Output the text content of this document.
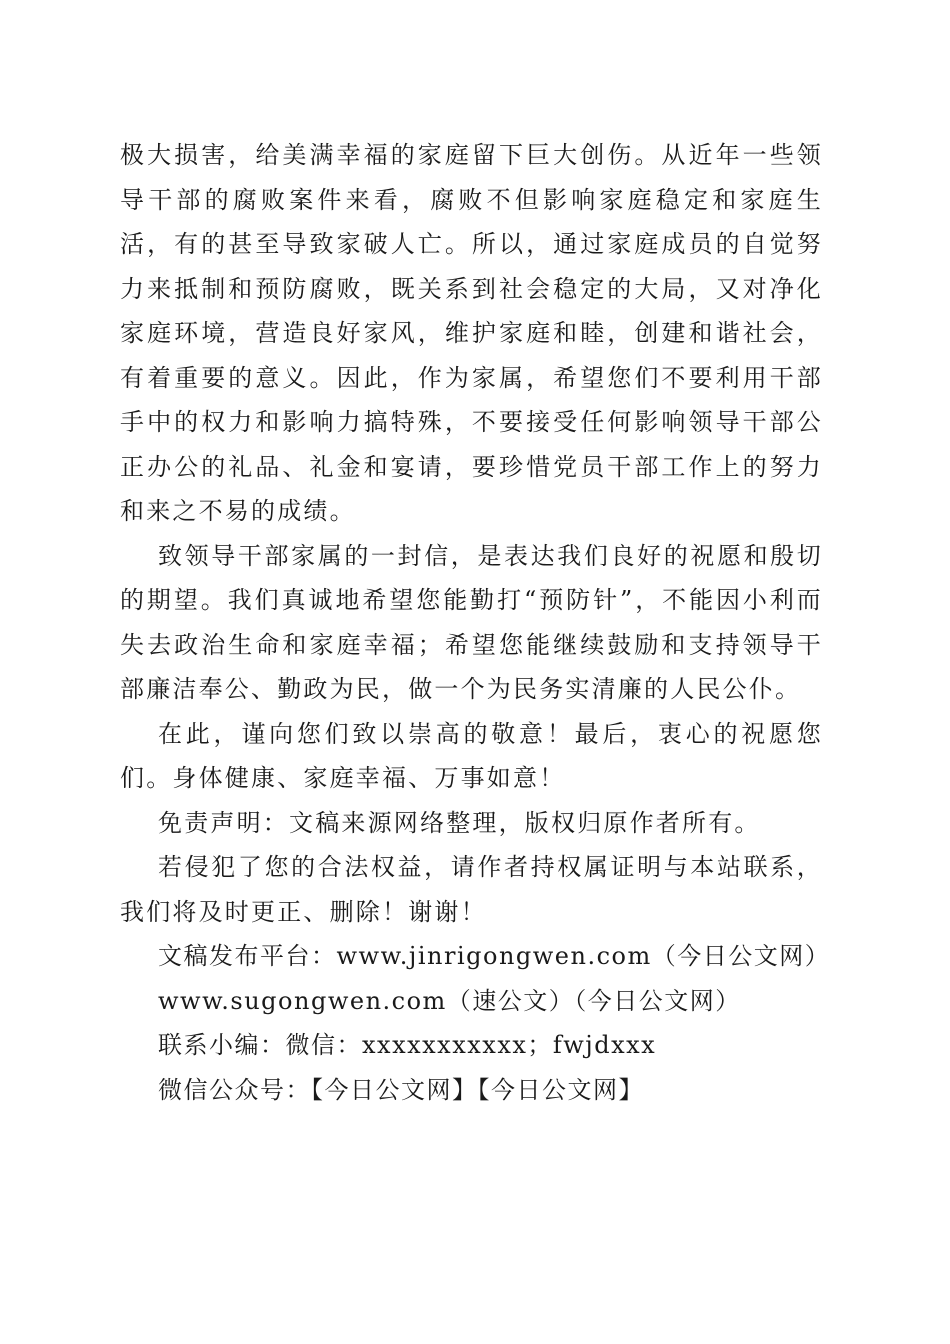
极大损害，给美满幸福的家庭留下巨大创伤。从近年一些领导干部的腐败案件来看，腐败不但影响家庭稳定和家庭生活，有的甚至导致家破人亡。所以，通过家庭成员的自觉努力来抵制和预防腐败，既关系到社会稳定的大局，又对净化家庭环境，营造良好家风，维护家庭和睦，创建和谐社会，有着重要的意义。因此，作为家属，希望您们不要利用干部手中的权力和影响力搞特殊，不要接受任何影响领导干部公正办公的礼品、礼金和宴请，要珍惜党员干部工作上的努力和来之不易的成绩。

致领导干部家属的一封信，是表达我们良好的祝愿和殷切的期望。我们真诚地希望您能勤打“预防针”，不能因小利而失去政治生命和家庭幸福；希望您能继续鼓励和支持领导干部廉洁奉公、勤政为民，做一个为民务实清廉的人民公仆。

在此，谨向您们致以崇高的敬意！最后，衷心的祝愿您们。身体健康、家庭幸福、万事如意！

免责声明：文稿来源网络整理，版权归原作者所有。

若侵犯了您的合法权益，请作者持权属证明与本站联系，我们将及时更正、删除！谢谢！

文稿发布平台：www.jinrigongwen.com（今日公文网）

www.sugongwen.com（速公文）（今日公文网）

联系小编：微信：xxxxxxxxxxx；fwjdxxx

微信公众号：【今日公文网】【今日公文网】
